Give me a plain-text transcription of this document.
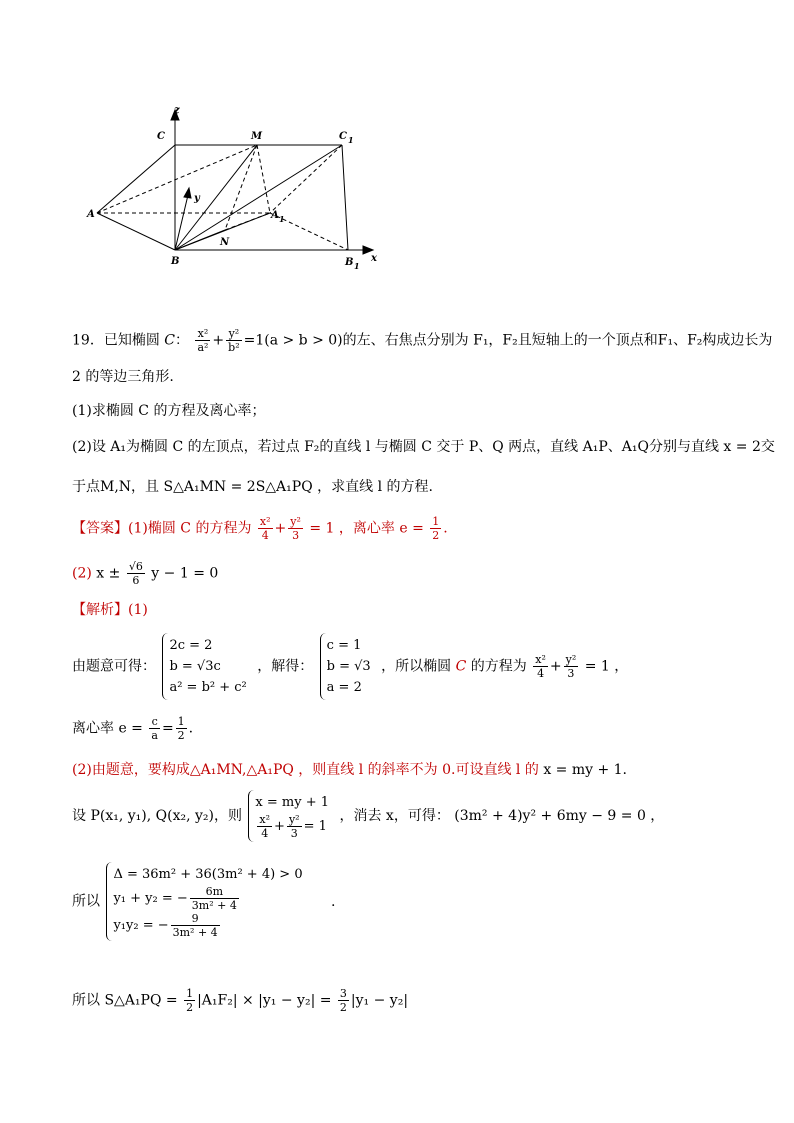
z
C	M	C 1
y
A	A 1
N
B	B 1
x
19．已知椭圆 C： $\frac{\text{x²}}{\text{a²}} + \frac{\text{y²}}{\text{b²}} =1(a > b > 0)$的左、右焦点分别为 F₁，F₂且短轴上的一个顶点和F₁、F₂构成边长为
2 的等边三角形.
(1)求椭圆 C 的方程及离心率；
(2)设 A₁为椭圆 C 的左顶点，若过点 F₂的直线 l 与椭圆 C 交于 P、Q 两点，直线 A₁P、A₁Q分别与直线 x = 2交
于点M,N，且 S△A₁MN = 2S△A₁PQ ，求直线 l 的方程.
【答案】(1)椭圆 C 的方程为 $\frac{\text{x²}}{4} + \frac{\text{y²}}{3} = 1$ ，离心率 $e = \frac{1}{2}$ .
(2) $x \pm \frac{√6}{6}$ y − 1 = 0
【解析】(1)
由题意可得：
2c = 2
b = √3c
a² = b² + c²
，解得：
c = 1
b = √3
a = 2
，所以椭圆 C 的方程为 $\frac{\text{x²}}{4} + \frac{\text{y²}}{3} = 1$ ，
离心率 $e = \frac{c}{a} = \frac{1}{2}$ .
(2)由题意，要构成△A₁MN,△A₁PQ ，则直线 l 的斜率不为 0.可设直线 l 的 x = my + 1.
设 P(x₁, y₁), Q(x₂, y₂)，则
x = my + 1
$\frac{\text{x²}}{4} + \frac{\text{y²}}{3} = 1$
，消去 x，可得： (3m² + 4)y² + 6my − 9 = 0 ，
所以
Δ = 36m² + 36(3m² + 4) > 0
y₁ + y₂ = − $\frac{6m}{\text{3m² + 4}}$
y₁y₂ = − $\frac{9}{\text{3m² + 4}}$
.
所以 S△A₁PQ = $\frac{1}{2} |A_1F_2| \times |y_1 - y_2| = \frac{3}{2} |y_1 - y_2|$
